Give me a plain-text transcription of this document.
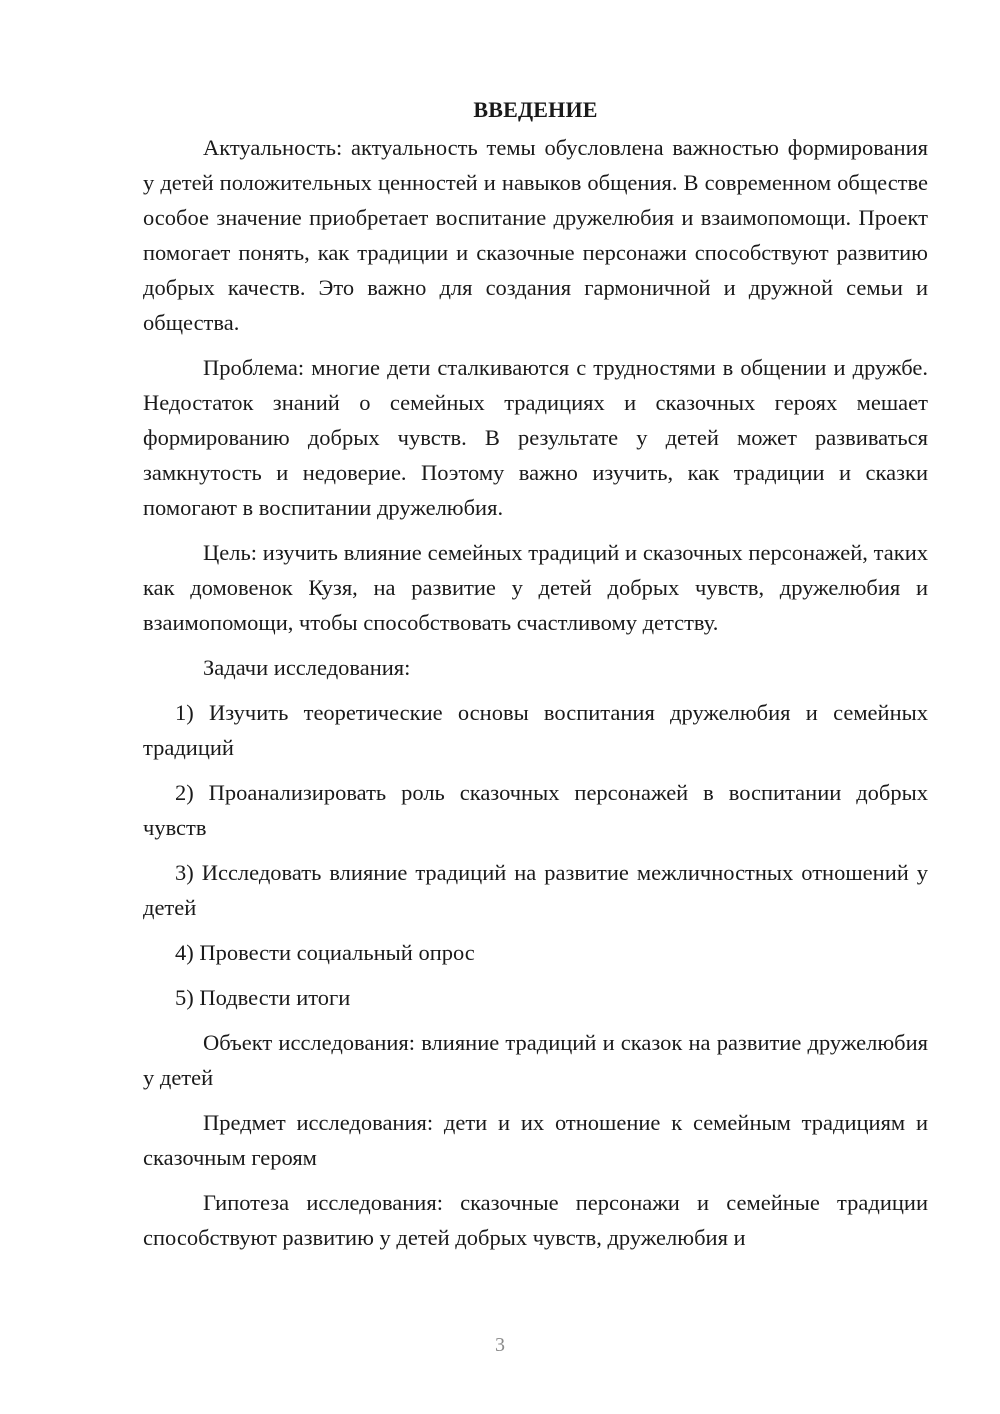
ВВЕДЕНИЕ

Актуальность: актуальность темы обусловлена важностью формирования у детей положительных ценностей и навыков общения. В современном обществе особое значение приобретает воспитание дружелюбия и взаимопомощи. Проект помогает понять, как традиции и сказочные персонажи способствуют развитию добрых качеств. Это важно для создания гармоничной и дружной семьи и общества.

Проблема: многие дети сталкиваются с трудностями в общении и дружбе. Недостаток знаний о семейных традициях и сказочных героях мешает формированию добрых чувств. В результате у детей может развиваться замкнутость и недоверие. Поэтому важно изучить, как традиции и сказки помогают в воспитании дружелюбия.

Цель: изучить влияние семейных традиций и сказочных персонажей, таких как домовенок Кузя, на развитие у детей добрых чувств, дружелюбия и взаимопомощи, чтобы способствовать счастливому детству.

Задачи исследования:

1) Изучить теоретические основы воспитания дружелюбия и семейных традиций

2) Проанализировать роль сказочных персонажей в воспитании добрых чувств

3) Исследовать влияние традиций на развитие межличностных отношений у детей

4) Провести социальный опрос

5) Подвести итоги

Объект исследования: влияние традиций и сказок на развитие дружелюбия у детей

Предмет исследования: дети и их отношение к семейным традициям и сказочным героям

Гипотеза исследования: сказочные персонажи и семейные традиции способствуют развитию у детей добрых чувств, дружелюбия и

3
